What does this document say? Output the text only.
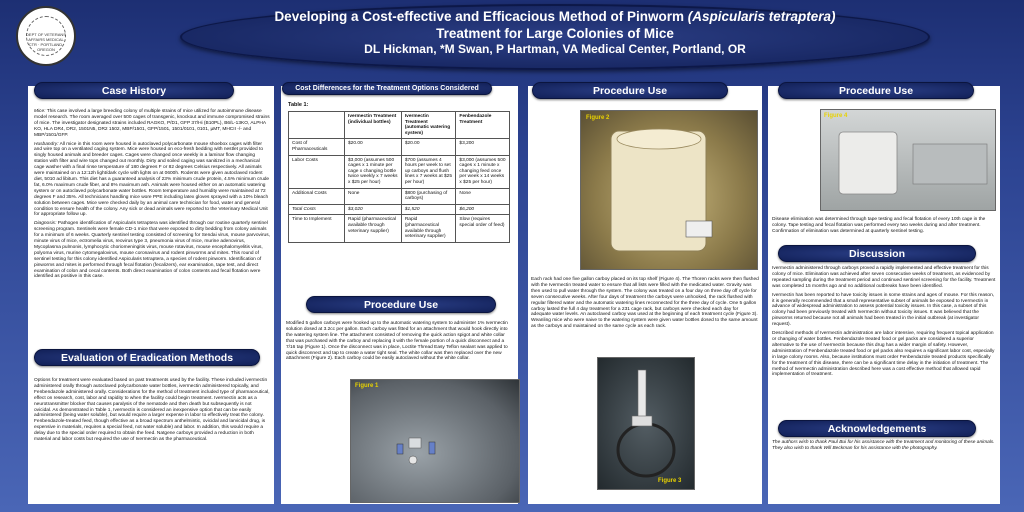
DEPT OF VETERANS AFFAIRS MEDICAL CTR · PORTLAND, OREGON
Developing a Cost-effective and Efficacious Method of Pinworm (Aspicularis tetraptera)
Treatment for Large Colonies of Mice
DL Hickman, *M Swan, P Hartman, VA Medical Center, Portland, OR
Case History

Mice: This case involved a large breeding colony of multiple strains of mice utilized for autoimmune disease model research. The room averaged over 500 cages of transgenic, knockout and immune compromised strains of mice. The investigator designated strains included RAGKO, P/D1, GFP 37/Hi (B10PL), B6/L-13KO, ALPHA KO, HLA DR4, DR2, 1501N5, DR2 1502, MBP/1501, GFP/1501, 1501/0101, 0101, µMT, MHCII -/- and MBP/1501/GFP.

Husbandry: All mice in this room were housed in autoclaved polycarbonate mouse shoebox cages with filter and wire top on a ventilated caging system. Mice were housed on eco-fresh bedding with nestlet provided to singly housed animals and breeder cages. Cages were changed once weekly in a laminar flow changing station with filter and wire tops changed out monthly. Dirty and soiled caging was sanitized in a mechanical cage washer with a final rinse temperature of 180 degrees F or 82 degrees Celsius respectively. All animals were maintained on a 12:12h light/dark cycle with lights on at 0600h. Rodents were given autoclaved rodent diet, 5010 ad libitum. This diet has a guaranteed analysis of 23% minimum crude protein, 4.5% minimum crude fat, 6.0% maximum crude fiber, and 8% maximum ash. Animals were housed either on an automatic watering system or on autoclaved polycarbonate water bottles. Room temperature and humidity were maintained at 72 degrees F and 35%. All technicians handling mice wore PPE including latex gloves sprayed with a 10% bleach solution between cages. Mice were checked daily by an animal care technician for food, water and general condition to ensure health of the colony. Any sick or dead animals were reported to the Veterinary Medical Unit for appropriate follow up.

Diagnosis: Pathogen identification of Aspicularis tetraptera was identified through our routine quarterly sentinel screening program. Sentinels were female CD-1 mice that were exposed to dirty bedding from colony animals for a minimum of 6 weeks. Quarterly sentinel testing consisted of screening for Sendai virus, mouse parvovirus, minute virus of mice, ectromelia virus, reovirus type 3, pneumonia virus of mice, murine adenovirus, Mycoplasma pulmonis, lymphocytic choriomeningitis virus, mouse rotavirus, mouse encephalomyelitis virus, polyoma virus, murine cytomegalovirus, mouse coronavirus and rodent pinworms and mites. This round of sentinel testing for this colony identified Aspicularis tetraptera, a species of rodent pinworm. Identification of pinworms and mites is performed through fecal flotation (fecalizers), ear examination, tape test, and direct examination of colon and cecal contents. Both direct examination of colon contents and fecal flotation were identified as positive in this case.

Evaluation of Eradication Methods
Options for treatment were evaluated based on past treatments used by the facility. These included ivermectin administered orally through autoclaved polycarbonate water bottles, ivermectin administered topically, and Fenbendazole administered orally. Considerations for the method of treatment included type of pharmaceutical, effect on research, cost, labor and rapidity to when the facility could begin treatment. Ivermectin acts as a neurotransmitter blocker that causes paralysis of the nematode and then death but subsequently is not ovicidal. As demonstrated in Table 1, Ivermectin is considered an inexpensive option that can be easily administered (being water soluble), but would require a larger expense in labor to effectively treat the colony. Fenbendazole-treated feed, though effective as a broad spectrum anthelmintic, ovicidal and larvicidal drug, is expensive in materials, requires a special feed, not water soluble) and labor. In addition, this would require a delay due to the special order required to obtain the feed. Natgene carboys provided a reduction in both material and labor costs but required the use of Ivermectin as the pharmaceutical.
Cost Differences for the Treatment Options Considered
Table 1:
	Ivermectin Treatment (individual bottles)	Ivermectin Treatment (automatic watering system)	Fenbendazole Treatment
Cost of Pharmaceuticals	$20.00	$20.00	$3,200
Labor Costs	$3,000 (assumes 500 cages x 1 minute per cage x changing bottle twice weekly x 7 weeks x $25 per hour)	$700 (assumes 4 hours per week to set up carboys and flush lines x 7 weeks at $25 per hour)	$3,000 (assumes 500 cages x 1 minute x changing feed once per week x 14 weeks x $25 per hour)
Additional Costs	None	$800 (purchasing of carboys)	None
Total Costs	$3,020	$1,520	$6,200
Time to Implement	Rapid (pharmaceutical available through veterinary supplier)	Rapid (pharmaceutical available through veterinary supplier)	Slow (requires special order of feed)
Procedure Use
Modified 5 gallon carboys were hooked up to the automatic watering system to administer 1% Ivermectin solution dosed at 3.2cc per gallon. Each carboy was fitted for an attachment that would hook directly into the watering system line. The attachment consisted of removing the quick action spigot and white collar that was purchased with the carboy and replacing it with the female portion of a quick disconnect and a 7/16 tap (Figure 1). Once the disconnect was in place, Loctite Thread Easy Teflon sealant was applied to quick disconnect and tap to create a water tight seal. The white collar was then replaced over the new attachment (Figure 2). Each carboy could be easily autoclaved without the white collar.
Figure 1
Procedure Use
Figure 2
Each rack had one five gallon carboy placed on its top shelf (Figure 4). The Thoren racks were then flushed with the Ivermectin treated water to ensure that all lists were filled with the medicated water. Gravity was then used to pull water through the system. The colony was treated on a four day on three day off cycle for seven consecutive weeks. After four days of treatment the carboys were unhooked, the rack flushed with regular filtered water and the automatic watering lines reconnected for the three day of cycle. One 5 gallon carboy lasted the full 4 day treatment for a 231 cage rack, but carboys were checked each day for adequate water levels. An autoclaved carboy was used at the beginning of each treatment cycle (Figure 3). Weanling mice who were naive to the watering system were given water bottles dosed to the same amount as the carboys and maintained on the same cycle as each rack.
Figure 3
Procedure Use
Figure 4
Disease elimination was determined through tape testing and fecal flotation of every 10th cage in the colony. Tape testing and fecal flotation was performed every two weeks during and after treatment. Confirmation of elimination was determined at quarterly sentinel testing.
Discussion

Ivermectin administered through carboys proved a rapidly implemented and effective treatment for this colony of mice. Elimination was achieved after seven consecutive weeks of treatment, as evidenced by repeated sampling during the treatment period and continued sentinel screening for the facility. Treatment was completed 15 months ago and no additional outbreaks have been identified.

Ivermectin has been reported to have toxicity issues in some strains and ages of mouse. For this reason, it is generally recommended that a small representative subset of animals be exposed to Ivermectin in advance of widespread administration to assess potential toxicity issues. In this case, a subset of this colony had been previously treated with Ivermectin without toxicity issues. It was believed that the pinworms returned because not all animals had been treated in the initial outbreak (at investigator request).

Described methods of Ivermectin administration are labor intensive, requiring frequent topical application or changing of water bottles. Fenbendazole treated food or gel packs are considered a superior alternative to the use of Ivermectin because this drug has a wider margin of safety. However, administration of Fenbendazole treated food or gel packs also requires a significant labor cost, especially in large colony rooms. Also, because institutions must order Fenbendazole treated products specifically for the treatment of this disease, there can be a significant time delay in the initiation of treatment. The method of Ivermectin administration described here was a cost effective method that allowed rapid implementation of treatment.

Acknowledgements
The authors wish to thank Paul Bui for his assistance with the treatment and monitoring of these animals. They also wish to thank Will Beckman for his assistance with the photography.
